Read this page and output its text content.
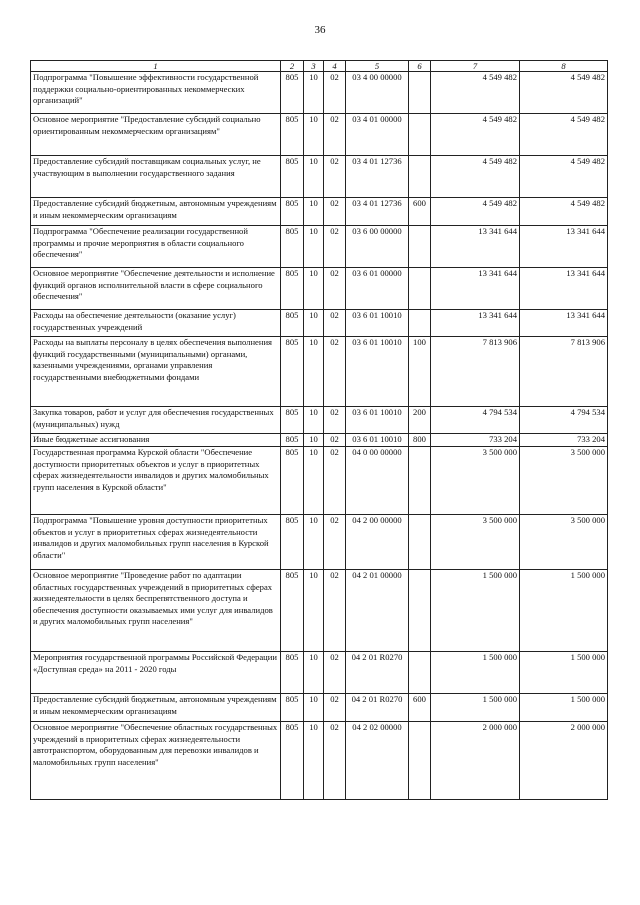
36
1	2	3	4	5	6	7	8
Подпрограмма "Повышение эффективности государственной поддержки социально-ориентированных некоммерческих организаций"	805	10	02	03 4 00 00000		4 549 482	4 549 482
Основное мероприятие "Предоставление субсидий социально ориентированным некоммерческим организациям"	805	10	02	03 4 01 00000		4 549 482	4 549 482
Предоставление субсидий поставщикам социальных услуг, не участвующим в выполнении государственного задания	805	10	02	03 4 01 12736		4 549 482	4 549 482
Предоставление субсидий бюджетным, автономным учреждениям и иным некоммерческим организациям	805	10	02	03 4 01 12736	600	4 549 482	4 549 482
Подпрограмма "Обеспечение реализации государственной программы и прочие мероприятия в области социального обеспечения"	805	10	02	03 6 00 00000		13 341 644	13 341 644
Основное мероприятие "Обеспечение деятельности и исполнение функций органов исполнительной власти в сфере социального обеспечения"	805	10	02	03 6 01 00000		13 341 644	13 341 644
Расходы на обеспечение деятельности (оказание услуг) государственных учреждений	805	10	02	03 6 01 10010		13 341 644	13 341 644
Расходы на выплаты персоналу в целях обеспечения выполнения функций государственными (муниципальными) органами, казенными учреждениями, органами управления государственными внебюджетными фондами	805	10	02	03 6 01 10010	100	7 813 906	7 813 906
Закупка товаров, работ и услуг для обеспечения государственных (муниципальных) нужд	805	10	02	03 6 01 10010	200	4 794 534	4 794 534
Иные бюджетные ассигнования	805	10	02	03 6 01 10010	800	733 204	733 204
Государственная программа Курской области "Обеспечение доступности приоритетных объектов и услуг в приоритетных сферах жизнедеятельности инвалидов и других маломобильных групп населения в Курской области"	805	10	02	04 0 00 00000		3 500 000	3 500 000
Подпрограмма "Повышение уровня доступности приоритетных объектов и услуг в приоритетных сферах жизнедеятельности инвалидов и других маломобильных групп населения в Курской области"	805	10	02	04 2 00 00000		3 500 000	3 500 000
Основное мероприятие "Проведение работ по адаптации областных государственных учреждений в приоритетных сферах жизнедеятельности в целях беспрепятственного доступа и обеспечения доступности оказываемых ими услуг для инвалидов и других маломобильных групп населения"	805	10	02	04 2 01 00000		1 500 000	1 500 000
Мероприятия государственной программы Российской Федерации «Доступная среда» на 2011 - 2020 годы	805	10	02	04 2 01 R0270		1 500 000	1 500 000
Предоставление субсидий бюджетным, автономным учреждениям и иным некоммерческим организациям	805	10	02	04 2 01 R0270	600	1 500 000	1 500 000
Основное мероприятие "Обеспечение областных государственных учреждений в приоритетных сферах жизнедеятельности автотранспортом, оборудованным для перевозки инвалидов и маломобильных групп населения"	805	10	02	04 2 02 00000		2 000 000	2 000 000
